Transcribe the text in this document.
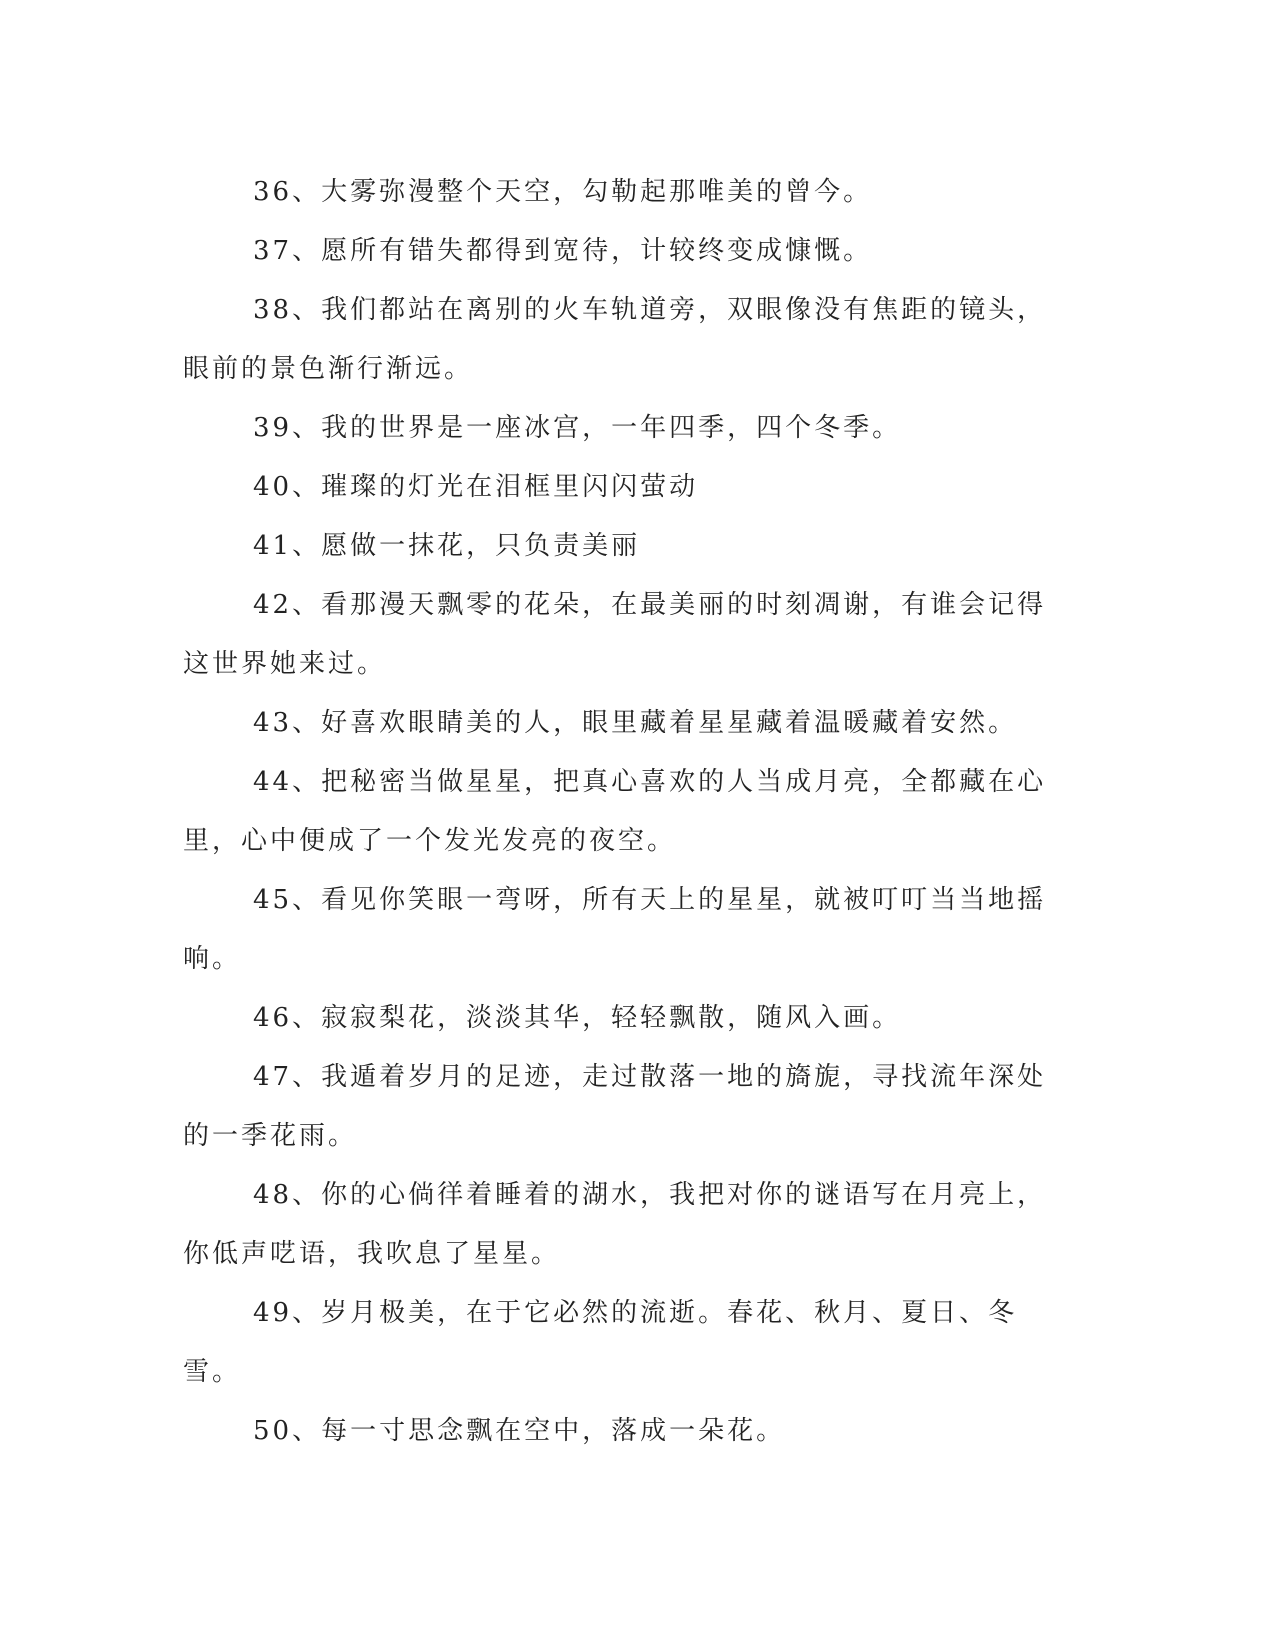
36、大雾弥漫整个天空，勾勒起那唯美的曾今。

37、愿所有错失都得到宽待，计较终变成慷慨。

38、我们都站在离别的火车轨道旁，双眼像没有焦距的镜头，眼前的景色渐行渐远。

39、我的世界是一座冰宫，一年四季，四个冬季。

40、璀璨的灯光在泪框里闪闪萤动

41、愿做一抹花，只负责美丽

42、看那漫天飘零的花朵，在最美丽的时刻凋谢，有谁会记得这世界她来过。

43、好喜欢眼睛美的人，眼里藏着星星藏着温暖藏着安然。

44、把秘密当做星星，把真心喜欢的人当成月亮，全都藏在心里，心中便成了一个发光发亮的夜空。

45、看见你笑眼一弯呀，所有天上的星星，就被叮叮当当地摇响。

46、寂寂梨花，淡淡其华，轻轻飘散，随风入画。

47、我遁着岁月的足迹，走过散落一地的旖旎，寻找流年深处的一季花雨。

48、你的心倘徉着睡着的湖水，我把对你的谜语写在月亮上，你低声呓语，我吹息了星星。

49、岁月极美，在于它必然的流逝。春花、秋月、夏日、冬雪。

50、每一寸思念飘在空中，落成一朵花。
